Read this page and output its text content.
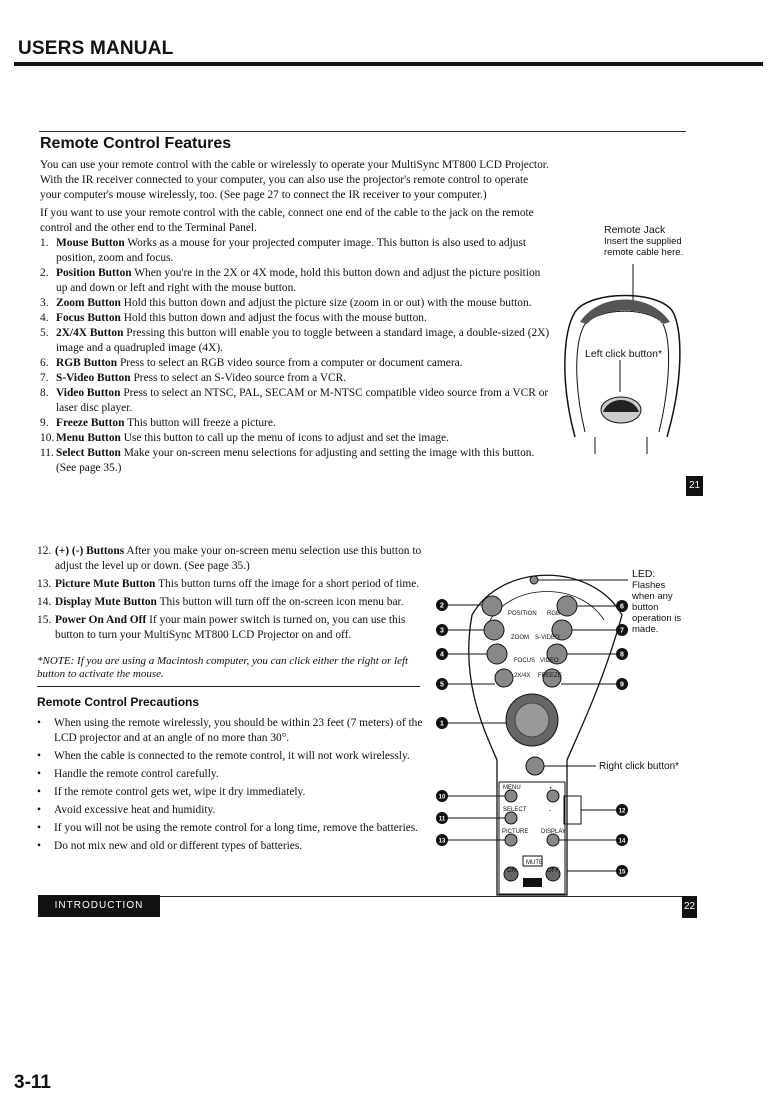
USERS MANUAL
Remote Control Features
You can use your remote control with the cable or wirelessly to operate your MultiSync MT800 LCD Projector. With the IR receiver connected to your computer, you can also use the projector's remote control to operate your computer's mouse wirelessly, too. (See page 27 to connect the IR receiver to your computer.)
If you want to use your remote control with the cable, connect one end of the cable to the jack on the remote control and the other end to the Terminal Panel.
1. Mouse Button Works as a mouse for your projected computer image. This button is also used to adjust position, zoom and focus.
2. Position Button When you're in the 2X or 4X mode, hold this button down and adjust the picture position up and down or left and right with the mouse button.
3. Zoom Button Hold this button down and adjust the picture size (zoom in or out) with the mouse button.
4. Focus Button Hold this button down and adjust the focus with the mouse button.
5. 2X/4X Button Pressing this button will enable you to toggle between a standard image, a double-sized (2X) image and a quadrupled image (4X).
6. RGB Button Press to select an RGB video source from a computer or document camera.
7. S-Video Button Press to select an S-Video source from a VCR.
8. Video Button Press to select an NTSC, PAL, SECAM or M-NTSC compatible video source from a VCR or laser disc player.
9. Freeze Button This button will freeze a picture.
10. Menu Button Use this button to call up the menu of icons to adjust and set the image.
11. Select Button Make your on-screen menu selections for adjusting and setting the image with this button. (See page 35.)
Remote Jack
Insert the supplied remote cable here.
Left click button*
21
12. (+) (-) Buttons After you make your on-screen menu selection use this button to adjust the level up or down. (See page 35.)
13. Picture Mute Button This button turns off the image for a short period of time.
14. Display Mute Button This button will turn off the on-screen icon menu bar.
15. Power On And Off If your main power switch is turned on, you can use this button to turn your MultiSync MT800 LCD Projector on and off.
*NOTE: If you are using a Macintosh computer, you can click either the right or left button to activate the mouse.
Remote Control Precautions
• When using the remote wirelessly, you should be within 23 feet (7 meters) of the LCD projector and at an angle of no more than 30°.
• When the cable is connected to the remote control, it will not work wirelessly.
• Handle the remote control carefully.
• If the remote control gets wet, wipe it dry immediately.
• Avoid excessive heat and humidity.
• If you will not be using the remote control for a long time, remove the batteries.
• Do not mix new and old or different types of batteries.
1
2
3
4
5
6
7
8
9
10
11
12
13	14
15
POSITION RGB
ZOOM S-VIDEO
FOCUS VIDEO
2X/4X FREEZE
MENU	+
SELECT	-
PICTURE DISPLAY
MUTE
ON	OFF
LED:
Flashes when any button operation is made.
Right click button*
INTRODUCTION	22
3-11
